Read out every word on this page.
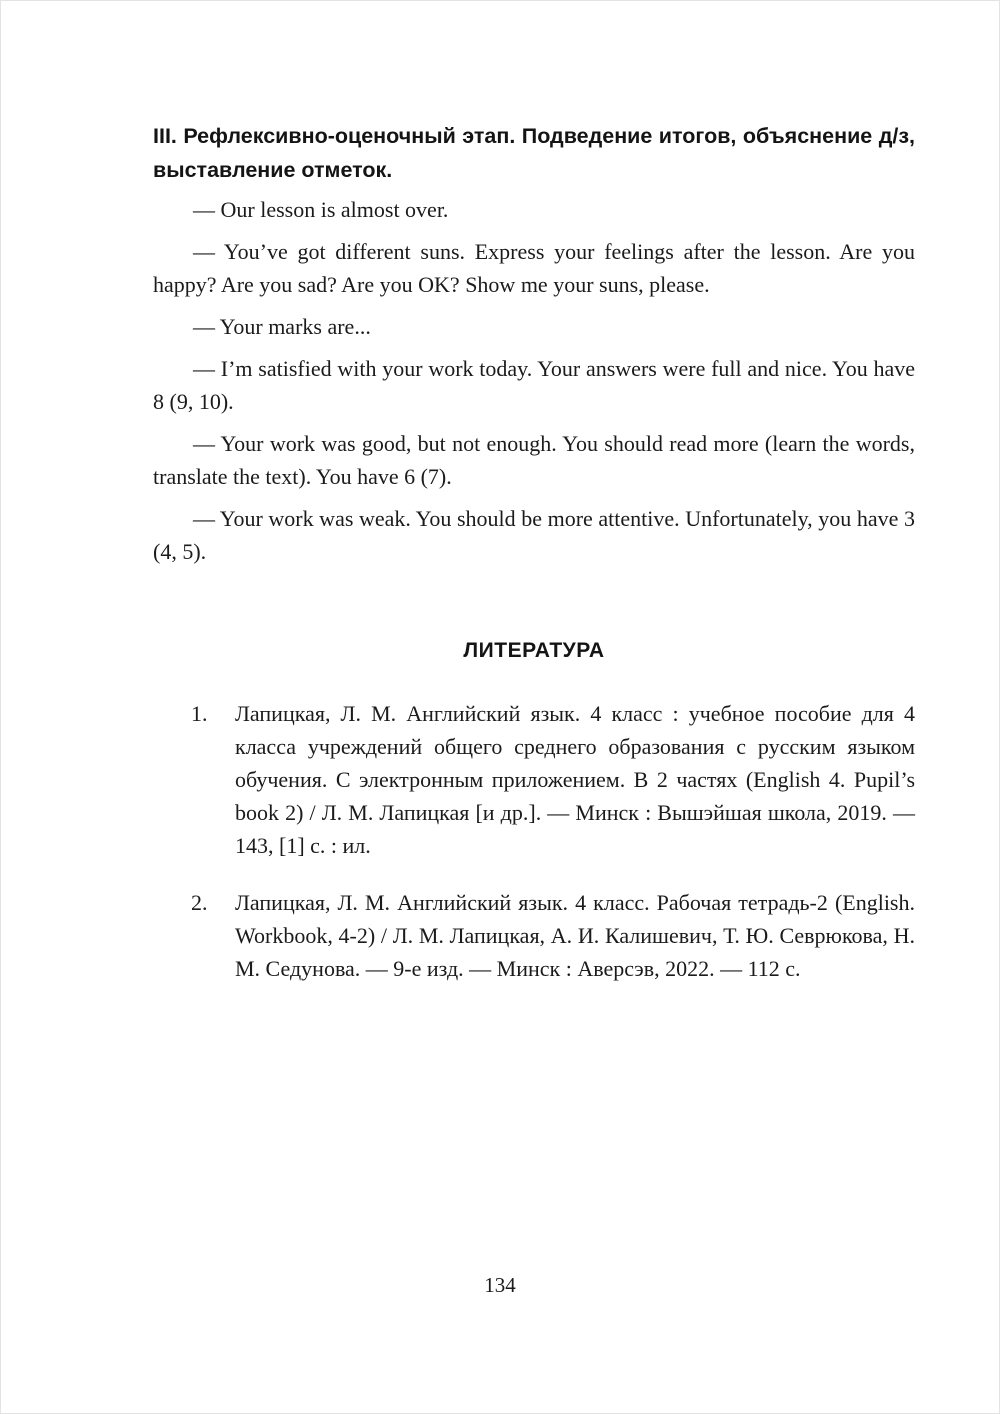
III. Рефлексивно-оценочный этап. Подведение итогов, объяснение д/з, выставление отметок.

— Our lesson is almost over.

— You’ve got different suns. Express your feelings after the lesson. Are you happy? Are you sad? Are you OK? Show me your suns, please.

— Your marks are...

— I’m satisfied with your work today. Your answers were full and nice. You have 8 (9, 10).

— Your work was good, but not enough. You should read more (learn the words, translate the text). You have 6 (7).

— Your work was weak. You should be more attentive. Unfortunately, you have 3 (4, 5).

ЛИТЕРАТУРА
1.	Лапицкая, Л. М. Английский язык. 4 класс : учебное пособие для 4 класса учреждений общего среднего образования с русским языком обучения. С электронным приложением. В 2 частях (English 4. Pupil’s book 2) / Л. М. Лапицкая [и др.]. — Минск : Вышэйшая школа, 2019. —143, [1] с. : ил.
2.	Лапицкая, Л. М. Английский язык. 4 класс. Рабочая тетрадь-2 (English. Workbook, 4-2) / Л. М. Лапицкая, А. И. Калишевич, Т. Ю. Севрюкова, Н. М. Седунова. — 9-е изд. — Минск : Аверсэв, 2022. — 112 с.
134
